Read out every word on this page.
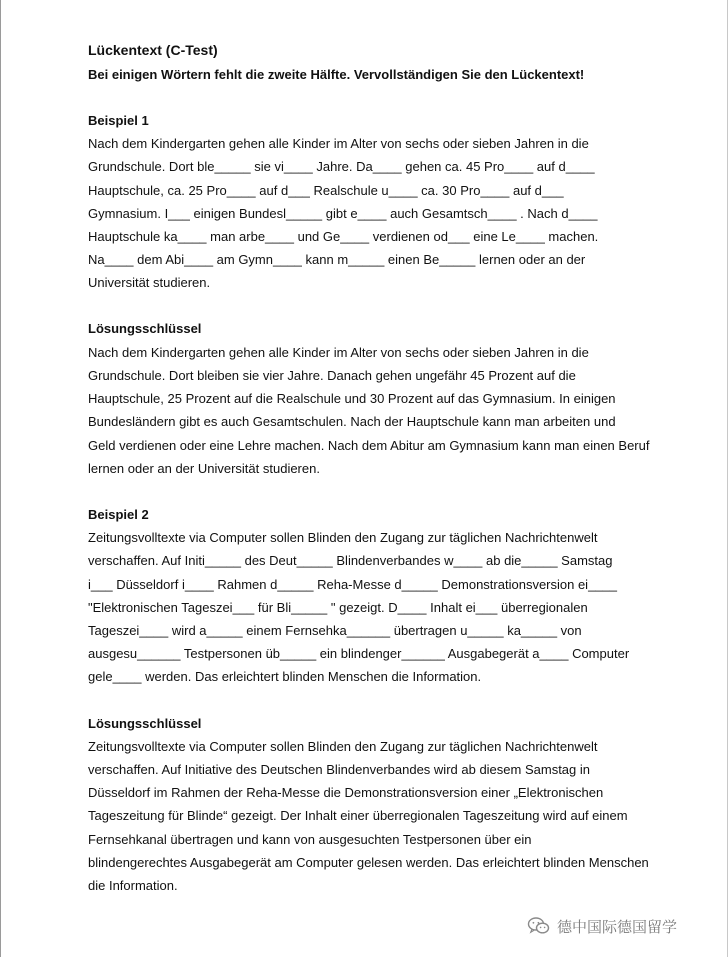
Lückentext (C-Test)
Bei einigen Wörtern fehlt die zweite Hälfte. Vervollständigen Sie den Lückentext!
Beispiel 1
Nach dem Kindergarten gehen alle Kinder im Alter von sechs oder sieben Jahren in die
Grundschule. Dort ble_____ sie vi____ Jahre. Da____ gehen ca. 45 Pro____ auf d____
Hauptschule, ca. 25 Pro____ auf d___ Realschule u____ ca. 30 Pro____ auf d___
Gymnasium. I___ einigen Bundesl_____ gibt e____ auch Gesamtsch____ . Nach d____
Hauptschule ka____ man arbe____ und Ge____ verdienen od___ eine Le____ machen.
Na____ dem Abi____ am Gymn____ kann m_____ einen Be_____ lernen oder an der
Universität studieren.
Lösungsschlüssel
Nach dem Kindergarten gehen alle Kinder im Alter von sechs oder sieben Jahren in die
Grundschule. Dort bleiben sie vier Jahre. Danach gehen ungefähr 45 Prozent auf die
Hauptschule, 25 Prozent auf die Realschule und 30 Prozent auf das Gymnasium. In einigen
Bundesländern gibt es auch Gesamtschulen. Nach der Hauptschule kann man arbeiten und
Geld verdienen oder eine Lehre machen. Nach dem Abitur am Gymnasium kann man einen Beruf
lernen oder an der Universität studieren.
Beispiel 2
Zeitungsvolltexte via Computer sollen Blinden den Zugang zur täglichen Nachrichtenwelt
verschaffen. Auf Initi_____ des Deut_____ Blindenverbandes w____ ab die_____ Samstag
i___ Düsseldorf i____ Rahmen d_____ Reha-Messe d_____ Demonstrationsversion ei____
"Elektronischen Tageszei___ für Bli_____ " gezeigt. D____ Inhalt ei___ überregionalen
Tageszei____ wird a_____ einem Fernsehka______ übertragen u_____ ka_____ von
ausgesu______ Testpersonen üb_____ ein blindenger______ Ausgabegerät a____ Computer
gele____ werden. Das erleichtert blinden Menschen die Information.
Lösungsschlüssel
Zeitungsvolltexte via Computer sollen Blinden den Zugang zur täglichen Nachrichtenwelt
verschaffen. Auf Initiative des Deutschen Blindenverbandes wird ab diesem Samstag in
Düsseldorf im Rahmen der Reha-Messe die Demonstrationsversion einer „Elektronischen
Tageszeitung für Blinde“ gezeigt. Der Inhalt einer überregionalen Tageszeitung wird auf einem
Fernsehkanal übertragen und kann von ausgesuchten Testpersonen über ein
blindengerechtes Ausgabegerät am Computer gelesen werden. Das erleichtert blinden Menschen
die Information.
德中国际德国留学
